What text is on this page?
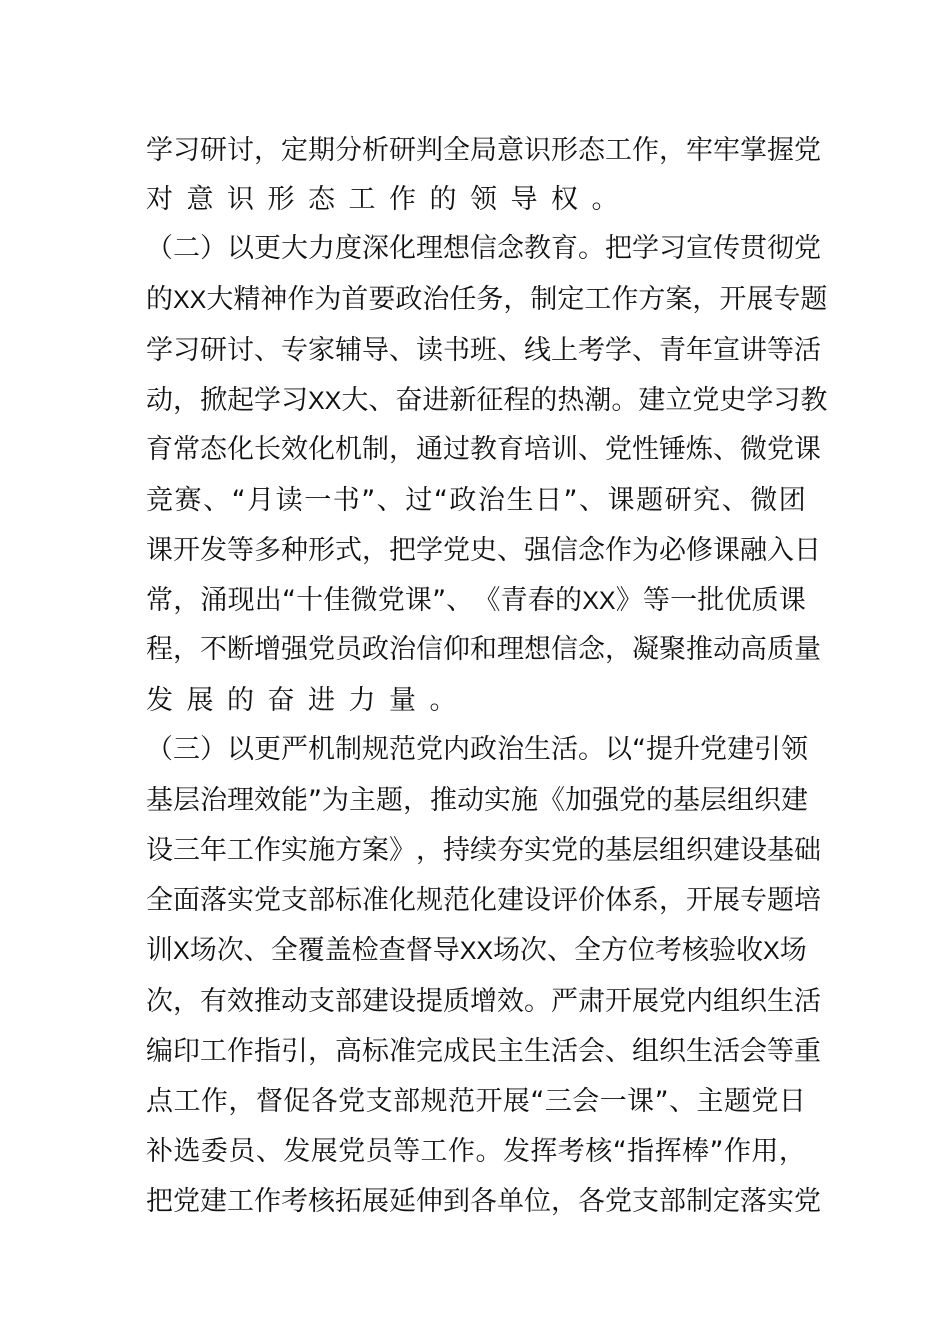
学 习 研 讨 ， 定 期 分 析 研 判 全 局 意 识 形 态 工 作 ， 牢 牢 掌 握 党
对 意 识 形 态 工 作 的 领 导 权 。
（ 二 ） 以 更 大 力 度 深 化 理 想 信 念 教 育 。 把 学 习 宣 传 贯 彻 党
的 XX 大 精 神 作 为 首 要 政 治 任 务 ， 制 定 工 作 方 案 ， 开 展 专 题
学 习 研 讨 、 专 家 辅 导 、 读 书 班 、 线 上 考 学 、 青 年 宣 讲 等 活
动 ， 掀 起 学 习 XX 大 、 奋 进 新 征 程 的 热 潮 。 建 立 党 史 学 习 教
育 常 态 化 长 效 化 机 制 ， 通 过 教 育 培 训 、 党 性 锤 炼 、 微 党 课
竞 赛 、 “ 月 读 一 书 ” 、 过 “ 政 治 生 日 ” 、 课 题 研 究 、 微 团
课 开 发 等 多 种 形 式 ， 把 学 党 史 、 强 信 念 作 为 必 修 课 融 入 日
常 ， 涌 现 出 “ 十 佳 微 党 课 ” 、 《 青 春 的 XX 》 等 一 批 优 质 课
程 ， 不 断 增 强 党 员 政 治 信 仰 和 理 想 信 念 ， 凝 聚 推 动 高 质 量
发 展 的 奋 进 力 量 。
（ 三 ） 以 更 严 机 制 规 范 党 内 政 治 生 活 。 以 “ 提 升 党 建 引 领
基 层 治 理 效 能 ” 为 主 题 ， 推 动 实 施 《 加 强 党 的 基 层 组 织 建
设 三 年 工 作 实 施 方 案 》 ， 持 续 夯 实 党 的 基 层 组 织 建 设 基 础
全 面 落 实 党 支 部 标 准 化 规 范 化 建 设 评 价 体 系 ， 开 展 专 题 培
训 X 场 次 、 全 覆 盖 检 查 督 导 XX 场 次 、 全 方 位 考 核 验 收 X 场
次 ， 有 效 推 动 支 部 建 设 提 质 增 效 。 严 肃 开 展 党 内 组 织 生 活
编 印 工 作 指 引 ， 高 标 准 完 成 民 主 生 活 会 、 组 织 生 活 会 等 重
点 工 作 ， 督 促 各 党 支 部 规 范 开 展 “ 三 会 一 课 ” 、 主 题 党 日
补 选 委 员 、 发 展 党 员 等 工 作 。 发 挥 考 核 “ 指 挥 棒 ” 作 用 ，
把 党 建 工 作 考 核 拓 展 延 伸 到 各 单 位 ， 各 党 支 部 制 定 落 实 党
